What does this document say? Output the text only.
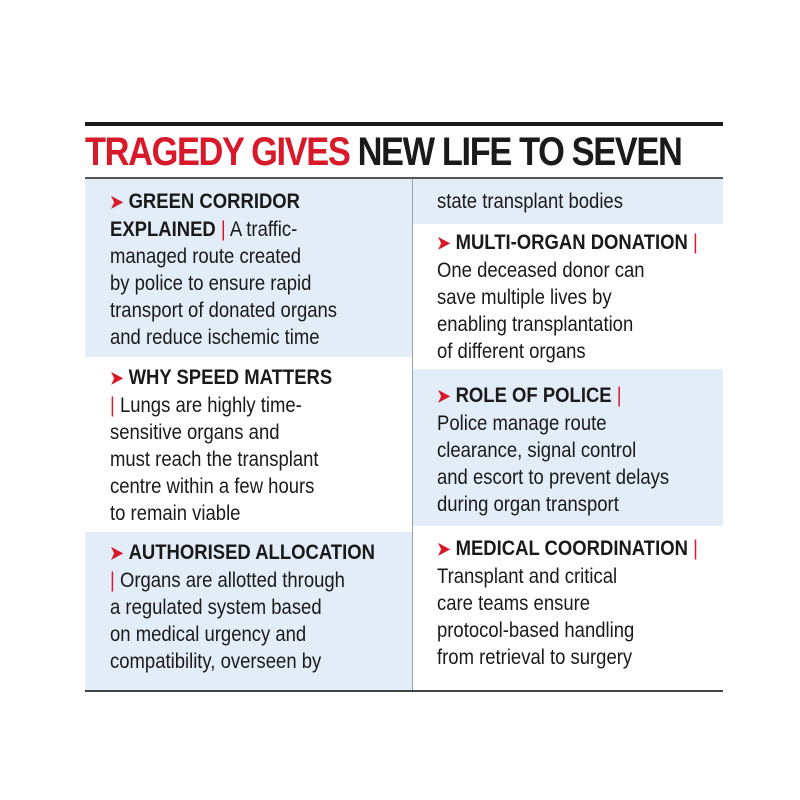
TRAGEDY GIVES NEW LIFE TO SEVEN

➤ GREEN CORRIDOR

EXPLAINED | A traffic-

managed route created

by police to ensure rapid

transport of donated organs

and reduce ischemic time

➤ WHY SPEED MATTERS

| Lungs are highly time-

sensitive organs and

must reach the transplant

centre within a few hours

to remain viable

➤ AUTHORISED ALLOCATION

| Organs are allotted through

a regulated system based

on medical urgency and

compatibility, overseen by

state transplant bodies

➤ MULTI-ORGAN DONATION |

One deceased donor can

save multiple lives by

enabling transplantation

of different organs

➤ ROLE OF POLICE |

Police manage route

clearance, signal control

and escort to prevent delays

during organ transport

➤ MEDICAL COORDINATION |

Transplant and critical

care teams ensure

protocol-based handling

from retrieval to surgery
